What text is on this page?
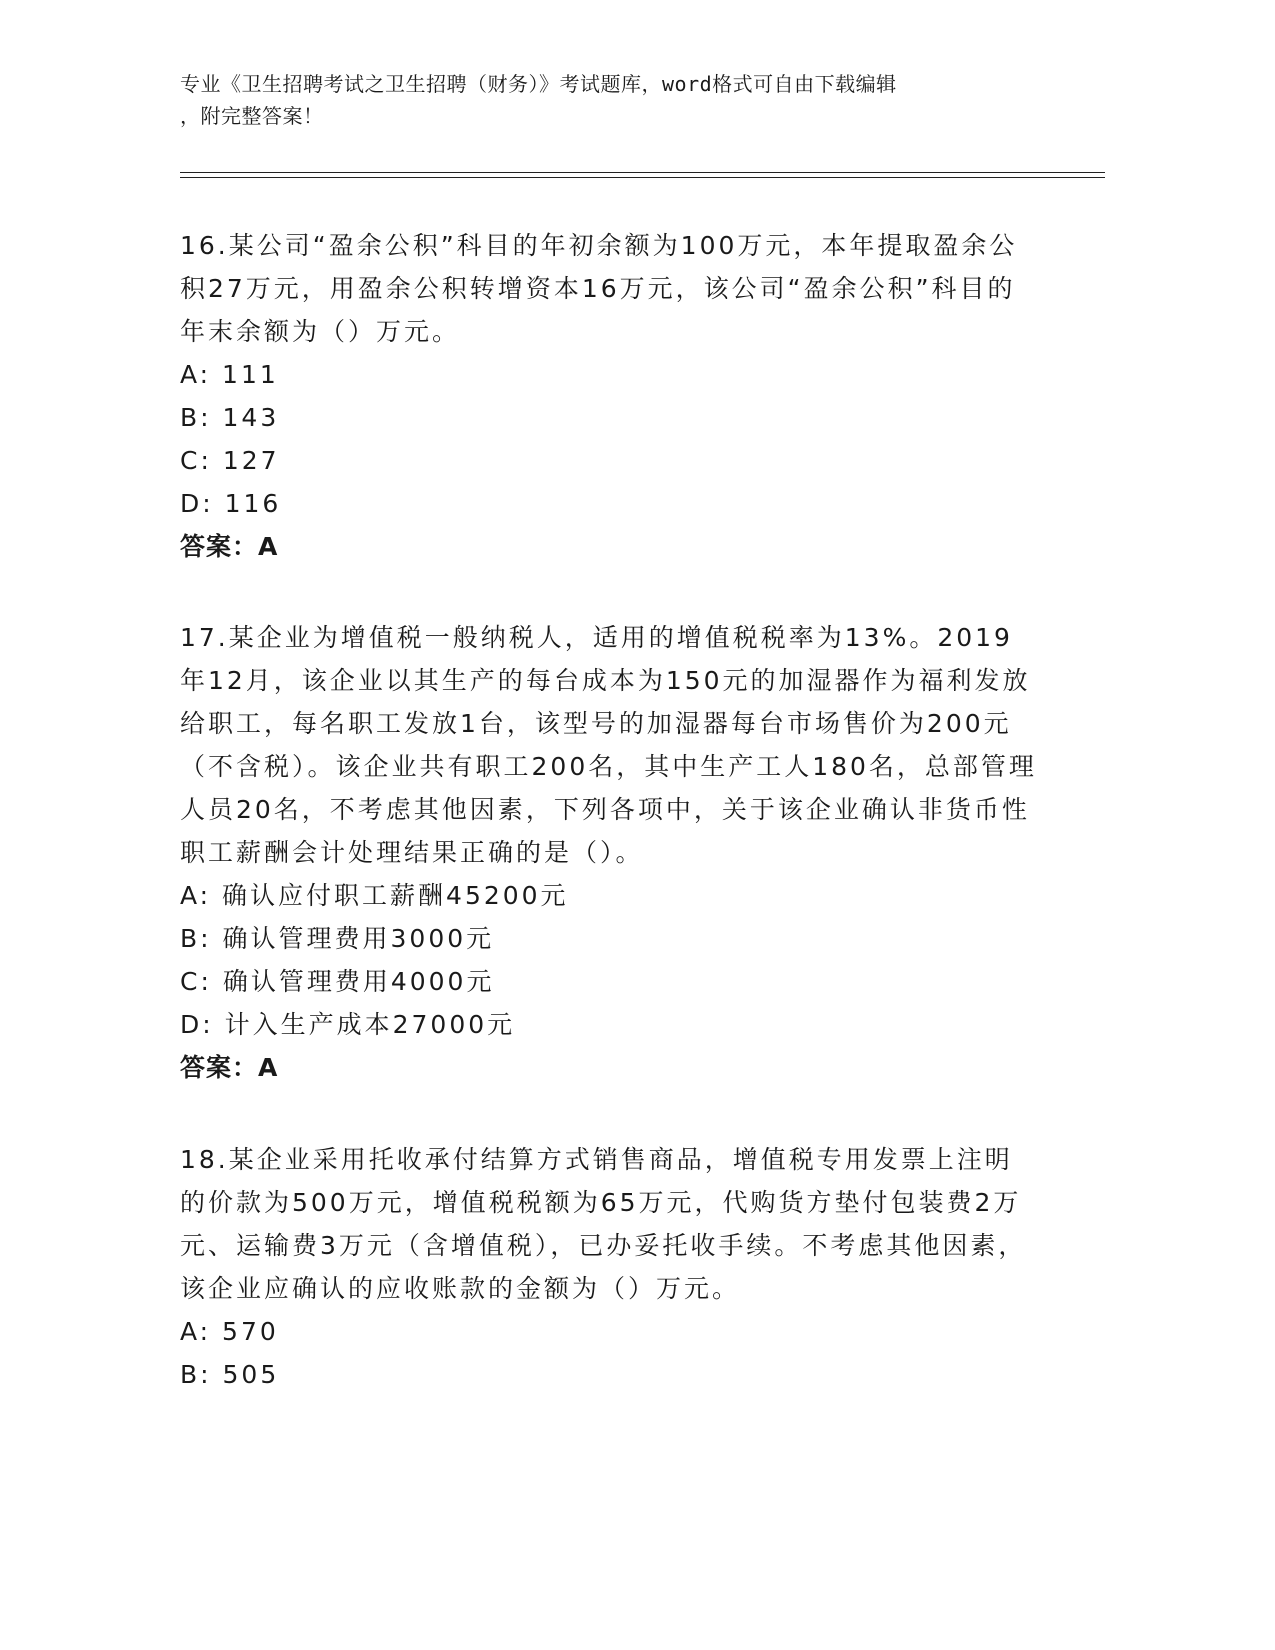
专业《卫生招聘考试之卫生招聘（财务）》考试题库，word格式可自由下载编辑
，附完整答案！

16.某公司“盈余公积”科目的年初余额为100万元，本年提取盈余公积27万元，用盈余公积转增资本16万元，该公司“盈余公积”科目的年末余额为（）万元。

A: 111

B: 143

C: 127

D: 116

答案：A

17.某企业为增值税一般纳税人，适用的增值税税率为13%。2019年12月，该企业以其生产的每台成本为150元的加湿器作为福利发放给职工，每名职工发放1台，该型号的加湿器每台市场售价为200元（不含税）。该企业共有职工200名，其中生产工人180名，总部管理人员20名，不考虑其他因素，下列各项中，关于该企业确认非货币性职工薪酬会计处理结果正确的是（）。

A: 确认应付职工薪酬45200元

B: 确认管理费用3000元

C: 确认管理费用4000元

D: 计入生产成本27000元

答案：A

18.某企业采用托收承付结算方式销售商品，增值税专用发票上注明的价款为500万元，增值税税额为65万元，代购货方垫付包装费2万元、运输费3万元（含增值税），已办妥托收手续。不考虑其他因素，该企业应确认的应收账款的金额为（）万元。

A: 570

B: 505
